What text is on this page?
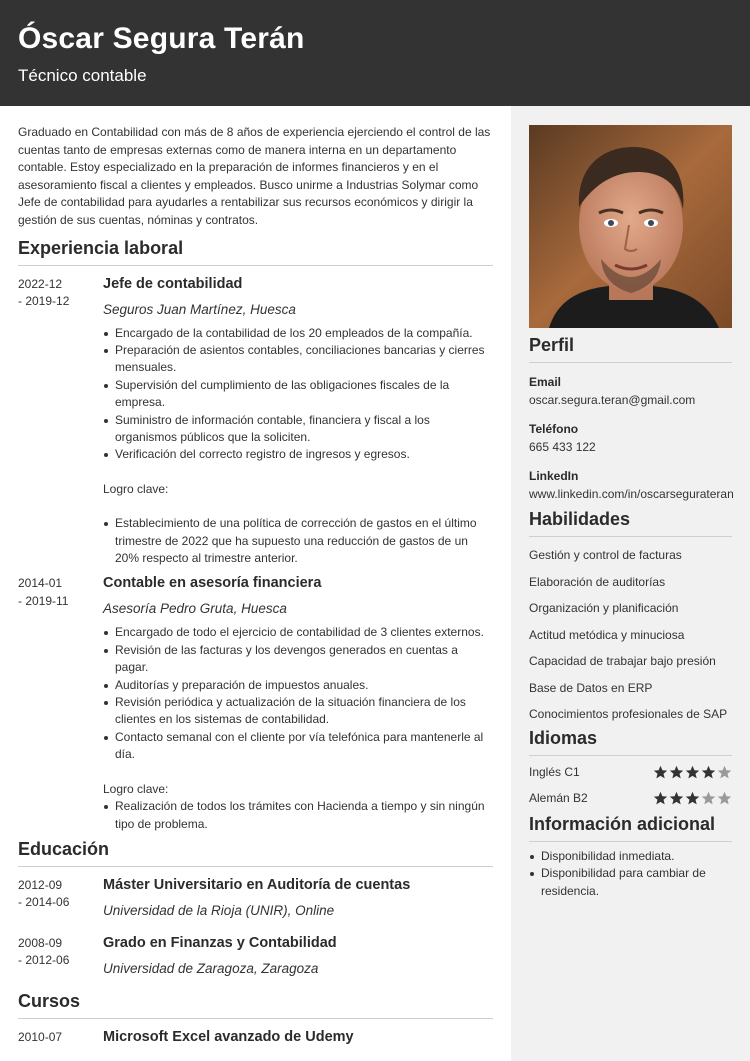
Óscar Segura Terán
Técnico contable

Graduado en Contabilidad con más de 8 años de experiencia ejerciendo el control de las cuentas tanto de empresas externas como de manera interna en un departamento contable. Estoy especializado en la preparación de informes financieros y en el asesoramiento fiscal a clientes y empleados. Busco unirme a Industrias Solymar como Jefe de contabilidad para ayudarles a rentabilizar sus recursos económicos y dirigir la gestión de sus cuentas, nóminas y contratos.

Experiencia laboral
2022-12
- 2019-12
Jefe de contabilidad
Seguros Juan Martínez, Huesca
Encargado de la contabilidad de los 20 empleados de la compañía.
Preparación de asientos contables, conciliaciones bancarias y cierres mensuales.
Supervisión del cumplimiento de las obligaciones fiscales de la empresa.
Suministro de información contable, financiera y fiscal a los organismos públicos que la soliciten.
Verificación del correcto registro de ingresos y egresos.
Logro clave:
Establecimiento de una política de corrección de gastos en el último trimestre de 2022 que ha supuesto una reducción de gastos de un 20% respecto al trimestre anterior.
2014-01
- 2019-11
Contable en asesoría financiera
Asesoría Pedro Gruta, Huesca
Encargado de todo el ejercicio de contabilidad de 3 clientes externos.
Revisión de las facturas y los devengos generados en cuentas a pagar.
Auditorías y preparación de impuestos anuales.
Revisión periódica y actualización de la situación financiera de los clientes en los sistemas de contabilidad.
Contacto semanal con el cliente por vía telefónica para mantenerle al día.
Logro clave:
Realización de todos los trámites con Hacienda a tiempo y sin ningún tipo de problema.
Educación
2012-09
- 2014-06
Máster Universitario en Auditoría de cuentas
Universidad de la Rioja (UNIR), Online
2008-09
- 2012-06
Grado en Finanzas y Contabilidad
Universidad de Zaragoza, Zaragoza
Cursos
2010-07	Microsoft Excel avanzado de Udemy
Perfil
Email
oscar.segura.teran@gmail.com
Teléfono
665 433 122
LinkedIn
www.linkedin.com/in/oscarsegurateran
Habilidades
Gestión y control de facturas
Elaboración de auditorías
Organización y planificación
Actitud metódica y minuciosa
Capacidad de trabajar bajo presión
Base de Datos en ERP
Conocimientos profesionales de SAP
Idiomas
Inglés C1
Alemán B2
Información adicional
Disponibilidad inmediata.
Disponibilidad para cambiar de residencia.
